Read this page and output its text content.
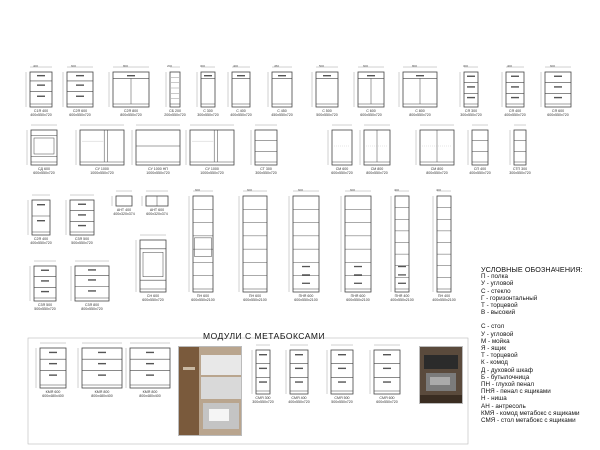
С1Я 400
400x550x720
С2Я 600
600x550x720
С2Я 800
800x550x720
СБ 200
200x550x720
С 300
300x550x720
С 400
400x550x720
С 450
450x550x720
С 500
500x550x720
С 600
600x550x720
С 800
800x550x720
СЯ 300
300x550x720
СЯ 400
400x550x720
СЯ 600
600x550x720
СД 600
600x550x720
СУ 1000
1000x550x720
СУ 1000 НП
1000x550x720
СУ 1000
1000x550x720
СТ 300
300x550x720
СМ 600
600x550x720
СМ 800
800x550x720
СМ 800
800x550x720
СП 400
400x550x720
СТП 300
300x550x720
С2Я 400
400x550x720
С3Я 500
500x550x720
АНТ 400
400x320x374
АНТ 600
600x320x374
ПН 600
600x550x2100
ПН 600
600x550x2100
ПНЯ 600
600x550x2100
ПНЯ 600
600x550x2100
ПНЯ 400
400x550x2100
ПН 400
400x550x2100
С3Я 500
500x550x720
С3Я 800
800x550x720
СН 600
600x550x720
КМЯ 600
600x480x400
КМЯ 800
800x480x400
КМЯ 800
800x480x400	СМЯ 300
300x550x720
СМЯ 400
400x550x720
СМЯ 500
500x550x720
СМЯ 600
600x550x720
400	600	800	200	300	400	450	500	600	800	300	400	600
600	600	600	600	400	400
МОДУЛИ С МЕТАБОКСАМИ
УСЛОВНЫЕ ОБОЗНАЧЕНИЯ:
П - полка
У - угловой
С - стекло
Г - горизонтальный
Т - торцевой
В - высокий
С - стол
У - угловой
М - мойка
Я - ящик
Т - торцевой
К - комод
Д - духовой шкаф
Б - бутылочница
ПН - глухой пенал
ПНЯ - пенал с ящиками
Н - ниша
АН - антресоль
КМЯ - комод метабокс с ящиками
СМЯ - стол метабокс с ящиками
